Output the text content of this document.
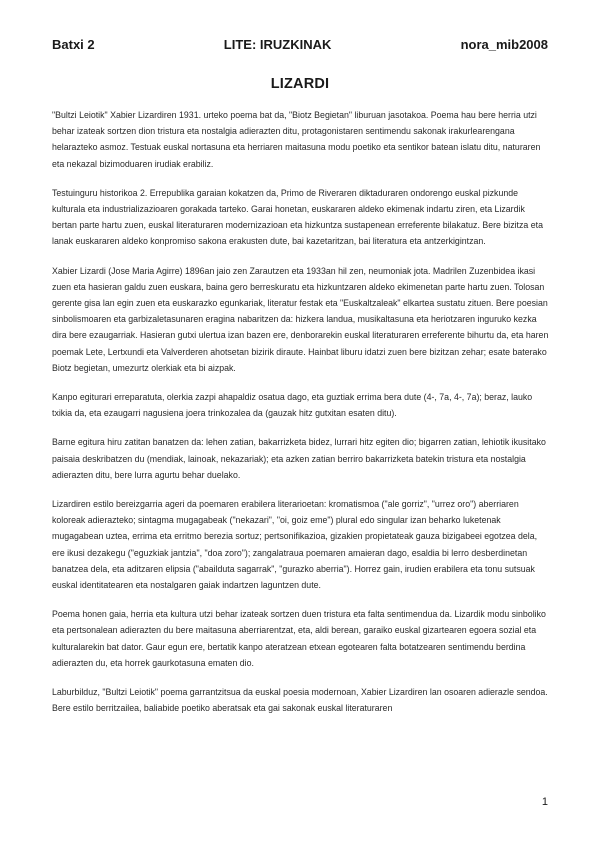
Batxi 2	LITE: IRUZKINAK	nora_mib2008
LIZARDI

"Bultzi Leiotik" Xabier Lizardiren 1931. urteko poema bat da, "Biotz Begietan" liburuan jasotakoa. Poema hau bere herria utzi behar izateak sortzen dion tristura eta nostalgia adierazten ditu, protagonistaren sentimendu sakonak irakurlearengana helarazteko asmoz. Testuak euskal nortasuna eta herriaren maitasuna modu poetiko eta sentikor batean islatu ditu, naturaren eta nekazal bizimoduaren irudiak erabiliz.

Testuinguru historikoa 2. Errepublika garaian kokatzen da, Primo de Riveraren diktaduraren ondorengo euskal pizkunde kulturala eta industrializazioaren gorakada tarteko. Garai honetan, euskararen aldeko ekimenak indartu ziren, eta Lizardik bertan parte hartu zuen, euskal literaturaren modernizazioan eta hizkuntza sustapenean erreferente bilakatuz. Bere bizitza eta lanak euskararen aldeko konpromiso sakona erakusten dute, bai kazetaritzan, bai literatura eta antzerkigintzan.

Xabier Lizardi (Jose Maria Agirre) 1896an jaio zen Zarautzen eta 1933an hil zen, neumoniak jota. Madrilen Zuzenbidea ikasi zuen eta hasieran galdu zuen euskara, baina gero berreskuratu eta hizkuntzaren aldeko ekimenetan parte hartu zuen. Tolosan gerente gisa lan egin zuen eta euskarazko egunkariak, literatur festak eta "Euskaltzaleak" elkartea sustatu zituen. Bere poesian sinbolismoaren eta garbizaletasunaren eragina nabaritzen da: hizkera landua, musikaltasuna eta heriotzaren inguruko kezka dira bere ezaugarriak. Hasieran gutxi ulertua izan bazen ere, denborarekin euskal literaturaren erreferente bihurtu da, eta haren poemak Lete, Lertxundi eta Valverderen ahotsetan bizirik diraute. Hainbat liburu idatzi zuen bere bizitzan zehar; esate baterako Biotz begietan, umezurtz olerkiak eta bi aizpak.

Kanpo egiturari erreparatuta, olerkia zazpi ahapaldiz osatua dago, eta guztiak errima bera dute (4-, 7a, 4-, 7a); beraz, lauko txikia da, eta ezaugarri nagusiena joera trinkozalea da (gauzak hitz gutxitan esaten ditu).

Barne egitura hiru zatitan banatzen da: lehen zatian, bakarrizketa bidez, lurrari hitz egiten dio; bigarren zatian, lehiotik ikusitako paisaia deskribatzen du (mendiak, lainoak, nekazariak); eta azken zatian berriro bakarrizketa batekin tristura eta nostalgia adierazten ditu, bere lurra agurtu behar duelako.

Lizardiren estilo bereizgarria ageri da poemaren erabilera literarioetan: kromatismoa ("ale gorriz", "urrez oro") aberriaren koloreak adierazteko; sintagma mugagabeak ("nekazari", "oi, goiz eme") plural edo singular izan beharko luketenak mugagabean uztea, errima eta erritmo berezia sortuz; pertsonifikazioa, gizakien propietateak gauza bizigabeei egotzea dela, ere ikusi dezakegu ("eguzkiak jantzia", "doa zoro"); zangalatraua poemaren amaieran dago, esaldia bi lerro desberdinetan banatzea dela, eta aditzaren elipsia ("abailduta sagarrak", "gurazko aberria"). Horrez gain, irudien erabilera eta tonu sutsuak euskal identitatearen eta nostalgaren gaiak indartzen laguntzen dute.

Poema honen gaia, herria eta kultura utzi behar izateak sortzen duen tristura eta falta sentimendua da. Lizardik modu sinboliko eta pertsonalean adierazten du bere maitasuna aberriarentzat, eta, aldi berean, garaiko euskal gizartearen egoera sozial eta kulturalarekin bat dator. Gaur egun ere, bertatik kanpo ateratzean etxean egotearen falta botatzearen sentimendu berdina adierazten du, eta horrek gaurkotasuna ematen dio.

Laburbilduz, "Bultzi Leiotik" poema garrantzitsua da euskal poesia modernoan, Xabier Lizardiren lan osoaren adierazle sendoa. Bere estilo berritzailea, baliabide poetiko aberatsak eta gai sakonak euskal literaturaren

1
